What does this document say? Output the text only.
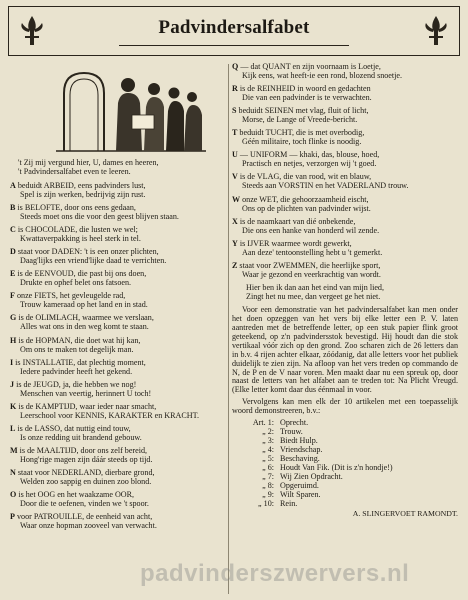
Padvindersalfabet
't Zij mij vergund hier, U, dames en heeren,
't Padvindersalfabet even te leeren.
A beduidt ARBEID, eens padvinders lust,
Spel is zijn werken, bedrijvig zijn rust.
B is BELOFTE, door ons eens gedaan,
Steeds moet ons die voor den geest blijven staan.
C is CHOCOLADE, die lusten we wel;
Kwattaverpakking is heel sterk in tel.
D staat voor DADEN: 't is een onzer plichten,
Daag'lijks een vriend'lijke daad te verrichten.
E is de EENVOUD, die past bij ons doen,
Drukte en ophef belet ons fatsoen.
F onze FIETS, het gevleugelde rad,
Trouw kameraad op het land en in stad.
G is de OLIMLACH, waarmee we verslaan,
Alles wat ons in den weg komt te staan.
H is de HOPMAN, die doet wat hij kan,
Om ons te maken tot degelijk man.
I is INSTALLATIE, dat plechtig moment,
Iedere padvinder heeft het gekend.
J is de JEUGD, ja, die hebben we nog!
Menschen van veertig, herinnert U toch!
K is de KAMPTIJD, waar ieder naar smacht,
Leerschool voor KENNIS, KARAKTER en KRACHT.
L is de LASSO, dat nuttig eind touw,
Is onze redding uit brandend gebouw.
M is de MAALTIJD, door ons zelf bereid,
Hong'rige magen zijn dáár steeds op tijd.
N staat voor NEDERLAND, dierbare grond,
Welden zoo sappig en duinen zoo blond.
O is het OOG en het waakzame OOR,
Door die te oefenen, vinden we 't spoor.
P voor PATROUILLE, de eenheid van acht,
Waar onze hopman zooveel van verwacht.
Q — dat QUANT en zijn voornaam is Loetje,
Kijk eens, wat heeft-ie een rond, blozend snoetje.
R is de REINHEID in woord en gedachten
Die van een padvinder is te verwachten.
S beduidt SEINEN met vlag, fluit of licht,
Morse, de Lange of Vreede-bericht.
T beduidt TUCHT, die is met overbodig,
Géén militaire, toch flinke is noodig.
U — UNIFORM — khaki, das, blouse, hoed,
Practisch en netjes, verzorgen wij 't goed.
V is de VLAG, die van rood, wit en blauw,
Steeds aan VORSTIN en het VADERLAND trouw.
W onze WET, die gehoorzaamheid eischt,
Ons op de plichten van padvinder wijst.
X is de naamkaart van dié onbekende,
Die ons een hanke van honderd wil zende.
Y is IJVER waarmee wordt gewerkt,
Aan deze' tentoonstelling hebt u 't gemerkt.
Z staat voor ZWEMMEN, die heerlijke sport,
Waar je gezond en veerkrachtig van wordt.
Hier ben ik dan aan het eind van mijn lied,
Zingt het nu mee, dan vergeet ge het niet.

Voor een demonstratie van het padvindersalfabet kan men onder het doen opzeggen van het vers bij elke letter een P. V. laten aantreden met de betreffende letter, op een stuk papier flink groot geteekend, op z'n padvindersstok bevestigd. Hij houdt dan die stok vertikaal vóór zich op den grond. Zoo scharen zich de 26 letters dan in b.v. 4 rijen achter elkaar, zóódanig, dat alle letters voor het publiek duidelijk te zien zijn. Na afloop van het vers treden op commando de N, de P en de V naar voren. Men maakt daar nu een spreuk op, door naast de letters van het alfabet aan te treden tot: Na Plicht Vreugd. (Elke letter komt daar dus éénmaal in voor.

Vervolgens kan men elk der 10 artikelen met een toepasselijk woord demonstreeren, b.v.:

Art. 1: Oprecht.
„ 2: Trouw.
„ 3: Biedt Hulp.
„ 4: Vriendschap.
„ 5: Beschaving.
„ 6: Houdt Van Fik. (Dit is z'n hondje!)
„ 7: Wij Zien Opdracht.
„ 8: Opgeruimd.
„ 9: Wilt Sparen.
„ 10: Rein.
A. SLINGERVOET RAMONDT.
padvinderszwervers.nl
